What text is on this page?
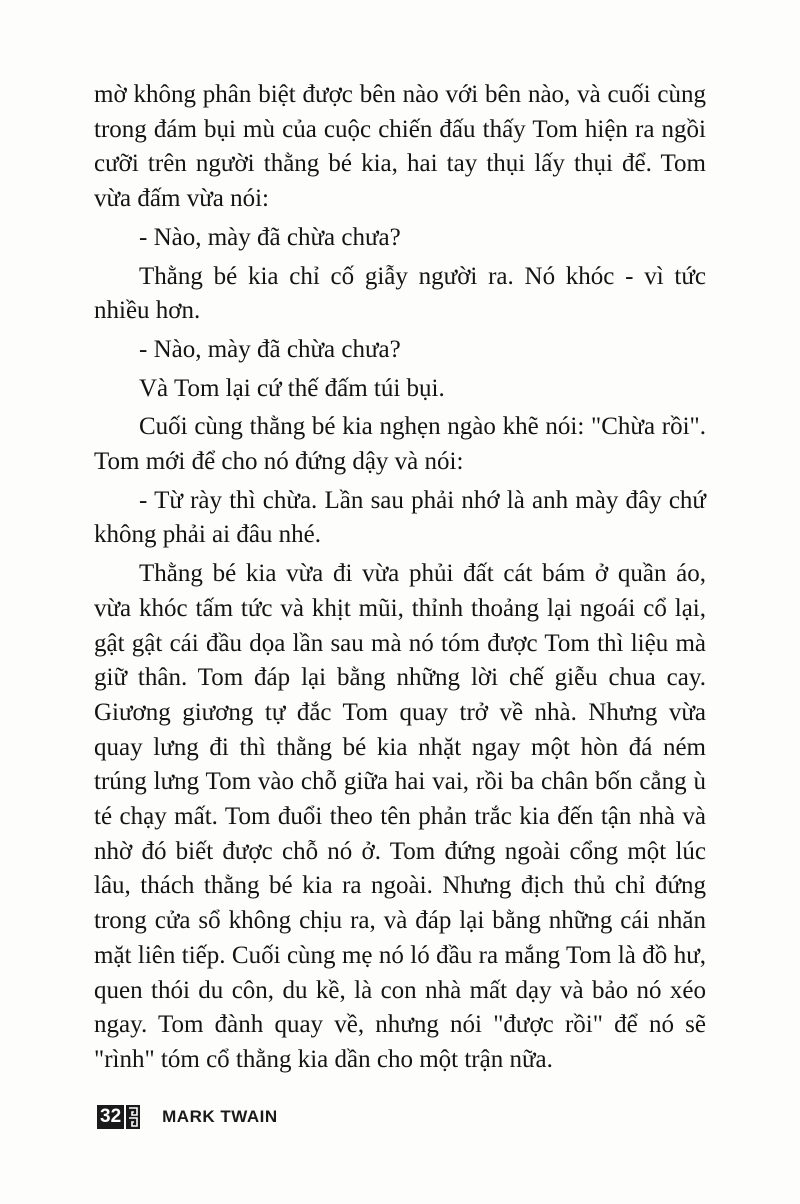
mờ không phân biệt được bên nào với bên nào, và cuối cùng trong đám bụi mù của cuộc chiến đấu thấy Tom hiện ra ngồi cưỡi trên người thằng bé kia, hai tay thụi lấy thụi để. Tom vừa đấm vừa nói:

- Nào, mày đã chừa chưa?

Thằng bé kia chỉ cố giẫy người ra. Nó khóc - vì tức nhiều hơn.

- Nào, mày đã chừa chưa?

Và Tom lại cứ thế đấm túi bụi.

Cuối cùng thằng bé kia nghẹn ngào khẽ nói: "Chừa rồi". Tom mới để cho nó đứng dậy và nói:

- Từ rày thì chừa. Lần sau phải nhớ là anh mày đây chứ không phải ai đâu nhé.

Thằng bé kia vừa đi vừa phủi đất cát bám ở quần áo, vừa khóc tấm tức và khịt mũi, thỉnh thoảng lại ngoái cổ lại, gật gật cái đầu dọa lần sau mà nó tóm được Tom thì liệu mà giữ thân. Tom đáp lại bằng những lời chế giễu chua cay. Giương giương tự đắc Tom quay trở về nhà. Nhưng vừa quay lưng đi thì thằng bé kia nhặt ngay một hòn đá ném trúng lưng Tom vào chỗ giữa hai vai, rồi ba chân bốn cẳng ù té chạy mất. Tom đuổi theo tên phản trắc kia đến tận nhà và nhờ đó biết được chỗ nó ở. Tom đứng ngoài cổng một lúc lâu, thách thằng bé kia ra ngoài. Nhưng địch thủ chỉ đứng trong cửa sổ không chịu ra, và đáp lại bằng những cái nhăn mặt liên tiếp. Cuối cùng mẹ nó ló đầu ra mắng Tom là đồ hư, quen thói du côn, du kề, là con nhà mất dạy và bảo nó xéo ngay. Tom đành quay về, nhưng nói "được rồi" để nó sẽ "rình" tóm cổ thằng kia dần cho một trận nữa.

32 MARK TWAIN
